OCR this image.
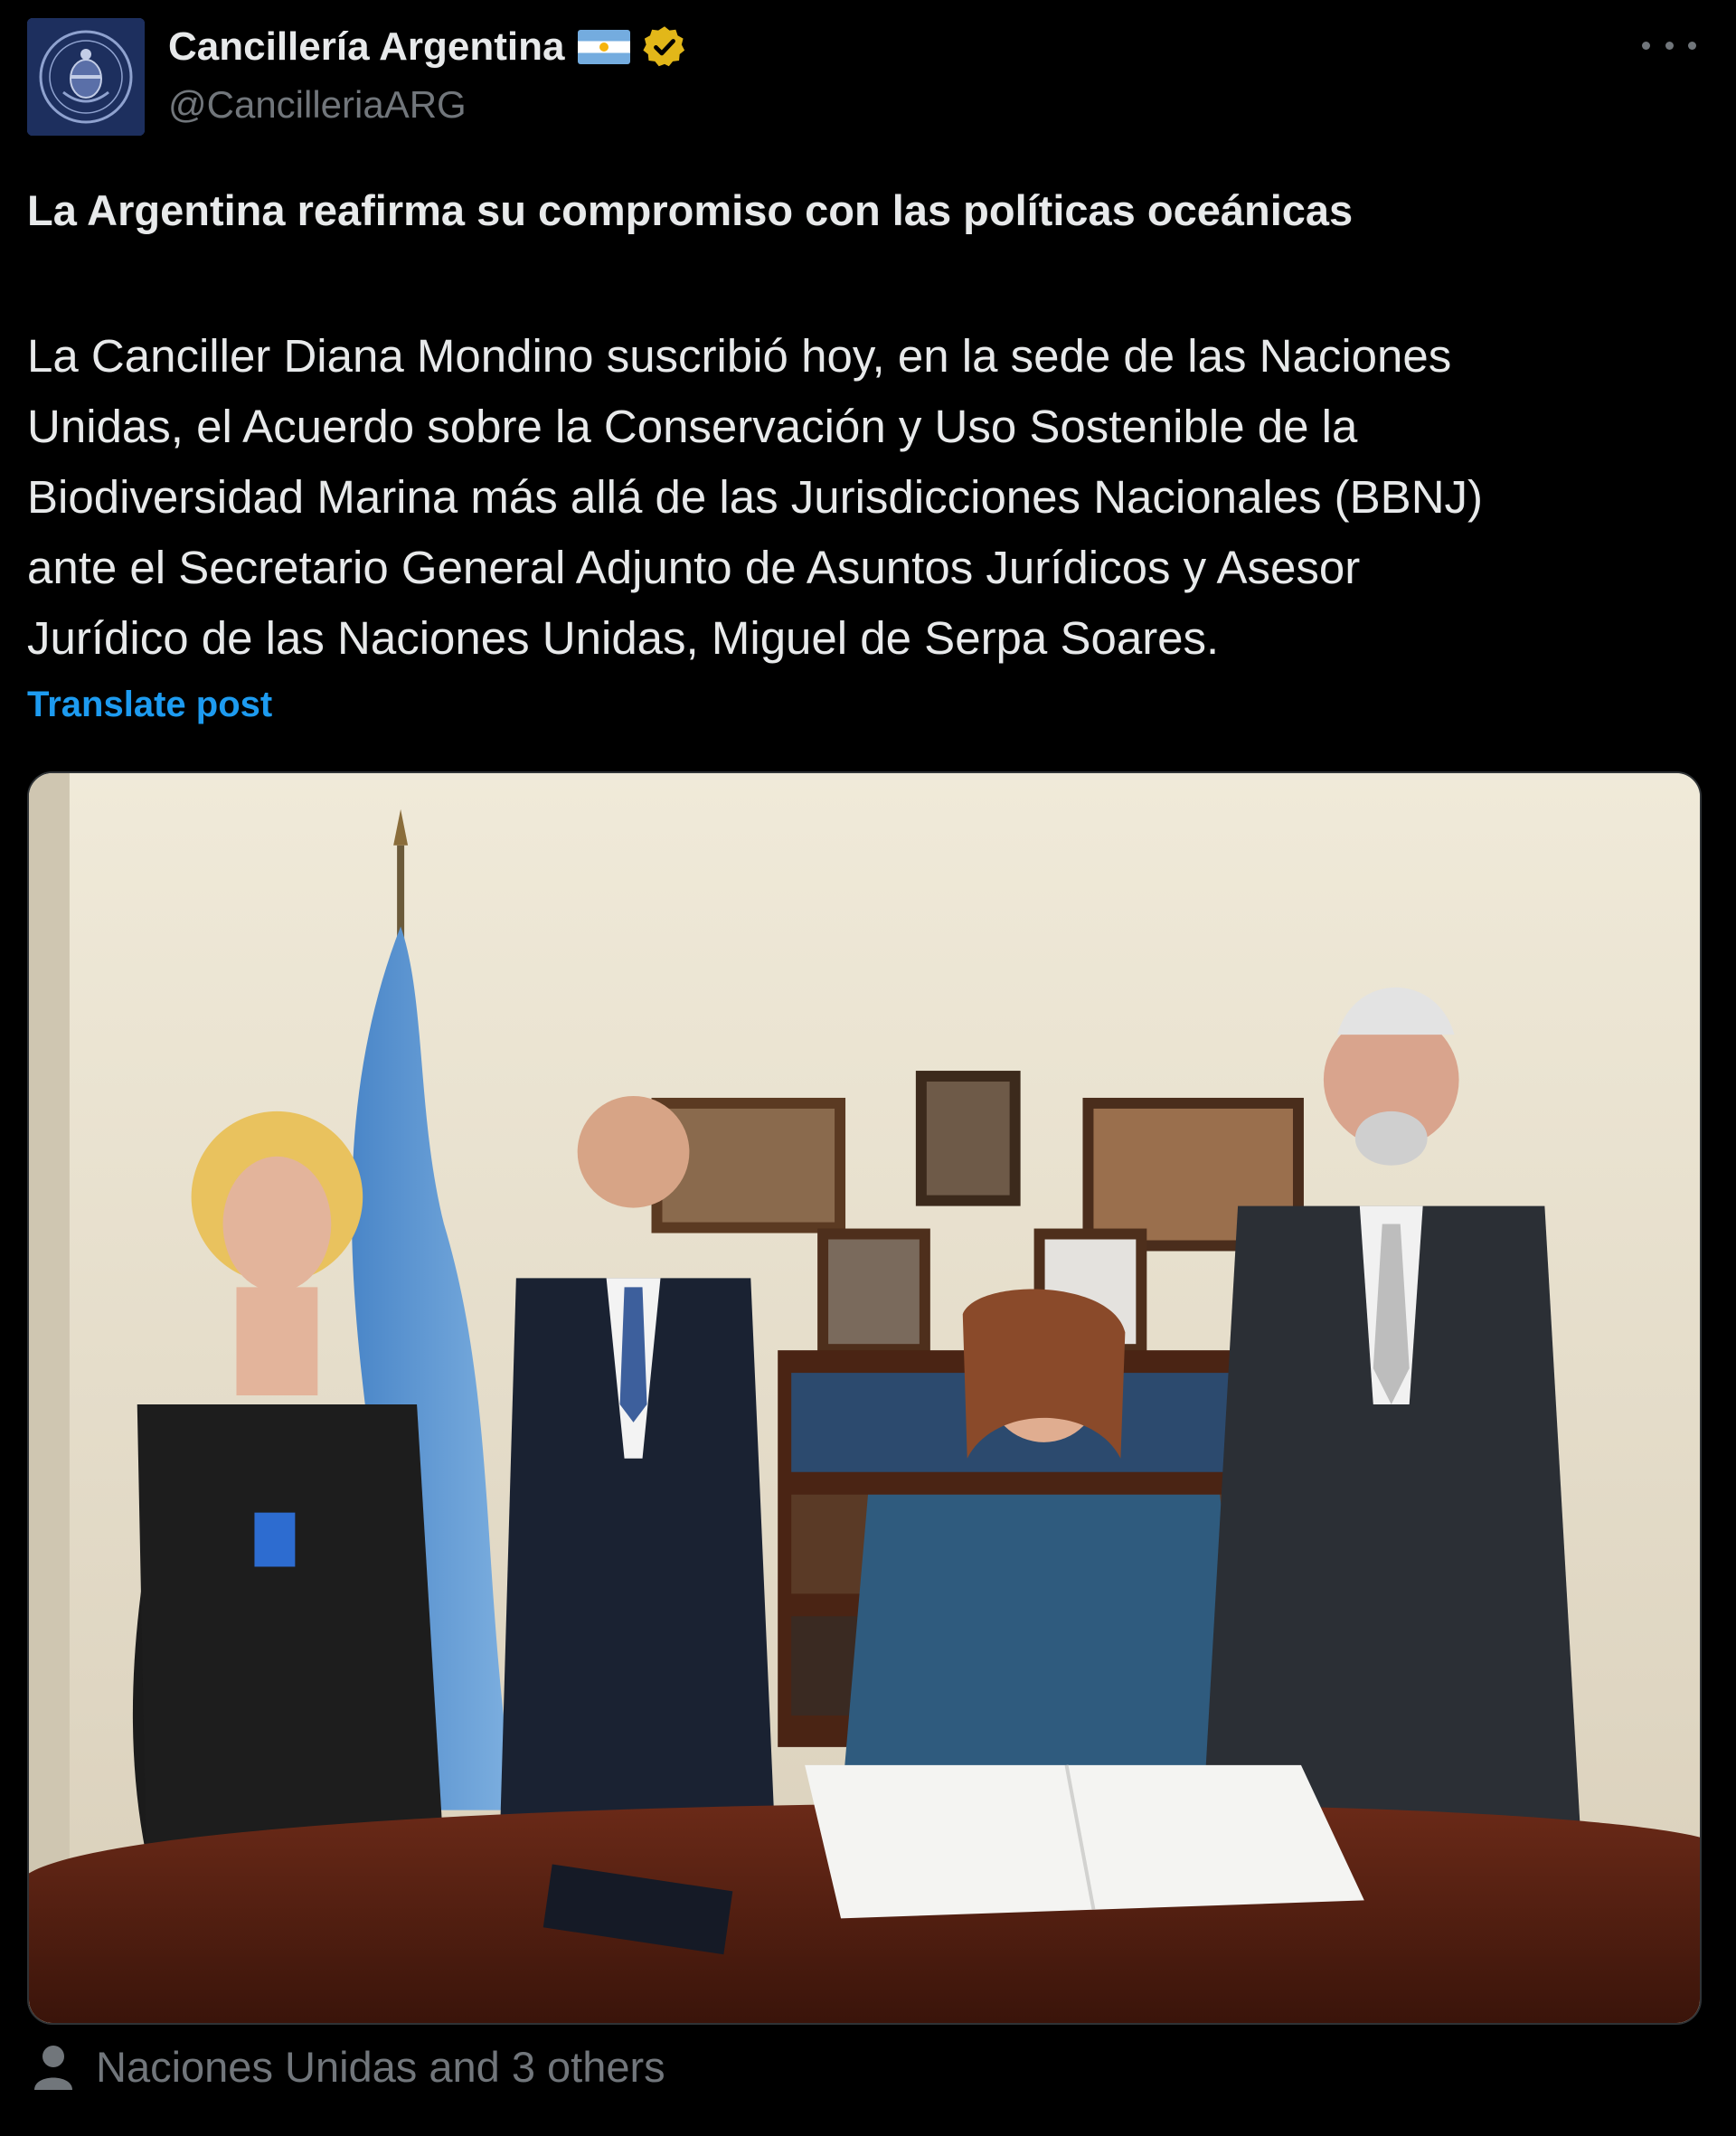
Cancillería Argentina
@CancilleriaARG
La Argentina reafirma su compromiso con las políticas oceánicas
La Canciller Diana Mondino suscribió hoy, en la sede de las Naciones
Unidas, el Acuerdo sobre la Conservación y Uso Sostenible de la
Biodiversidad Marina más allá de las Jurisdicciones Nacionales (BBNJ)
ante el Secretario General Adjunto de Asuntos Jurídicos y Asesor
Jurídico de las Naciones Unidas, Miguel de Serpa Soares.
Translate post
Naciones Unidas and 3 others
